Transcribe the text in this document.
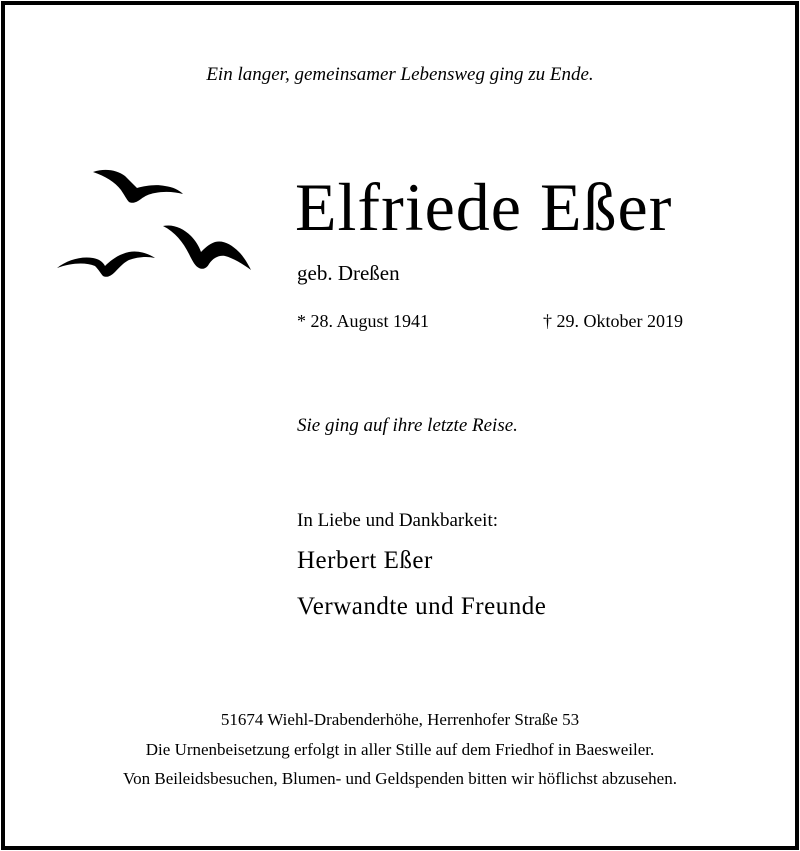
Ein langer, gemeinsamer Lebensweg ging zu Ende.
Elfriede Eßer
geb. Dreßen
* 28. August 1941	† 29. Oktober 2019
Sie ging auf ihre letzte Reise.
In Liebe und Dankbarkeit:
Herbert Eßer
Verwandte und Freunde
51674 Wiehl-Drabenderhöhe, Herrenhofer Straße 53
Die Urnenbeisetzung erfolgt in aller Stille auf dem Friedhof in Baesweiler.
Von Beileidsbesuchen, Blumen- und Geldspenden bitten wir höflichst abzusehen.
